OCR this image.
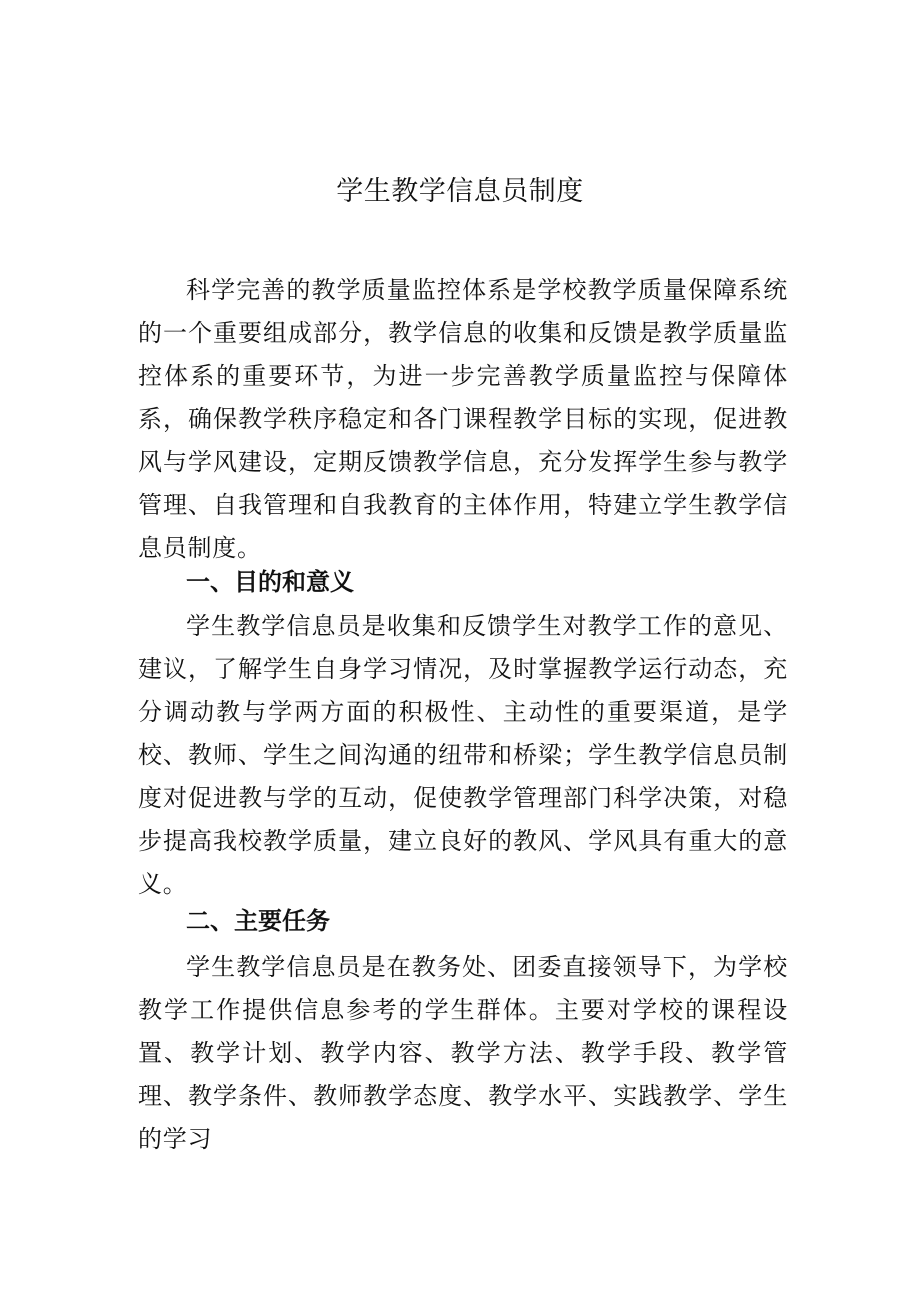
学生教学信息员制度

科学完善的教学质量监控体系是学校教学质量保障系统的一个重要组成部分，教学信息的收集和反馈是教学质量监控体系的重要环节，为进一步完善教学质量监控与保障体系，确保教学秩序稳定和各门课程教学目标的实现，促进教风与学风建设，定期反馈教学信息，充分发挥学生参与教学管理、自我管理和自我教育的主体作用，特建立学生教学信息员制度。

一、目的和意义

学生教学信息员是收集和反馈学生对教学工作的意见、建议，了解学生自身学习情况，及时掌握教学运行动态，充分调动教与学两方面的积极性、主动性的重要渠道，是学校、教师、学生之间沟通的纽带和桥梁；学生教学信息员制度对促进教与学的互动，促使教学管理部门科学决策，对稳步提高我校教学质量，建立良好的教风、学风具有重大的意义。

二、主要任务

学生教学信息员是在教务处、团委直接领导下，为学校教学工作提供信息参考的学生群体。主要对学校的课程设置、教学计划、教学内容、教学方法、教学手段、教学管理、教学条件、教师教学态度、教学水平、实践教学、学生的学习
